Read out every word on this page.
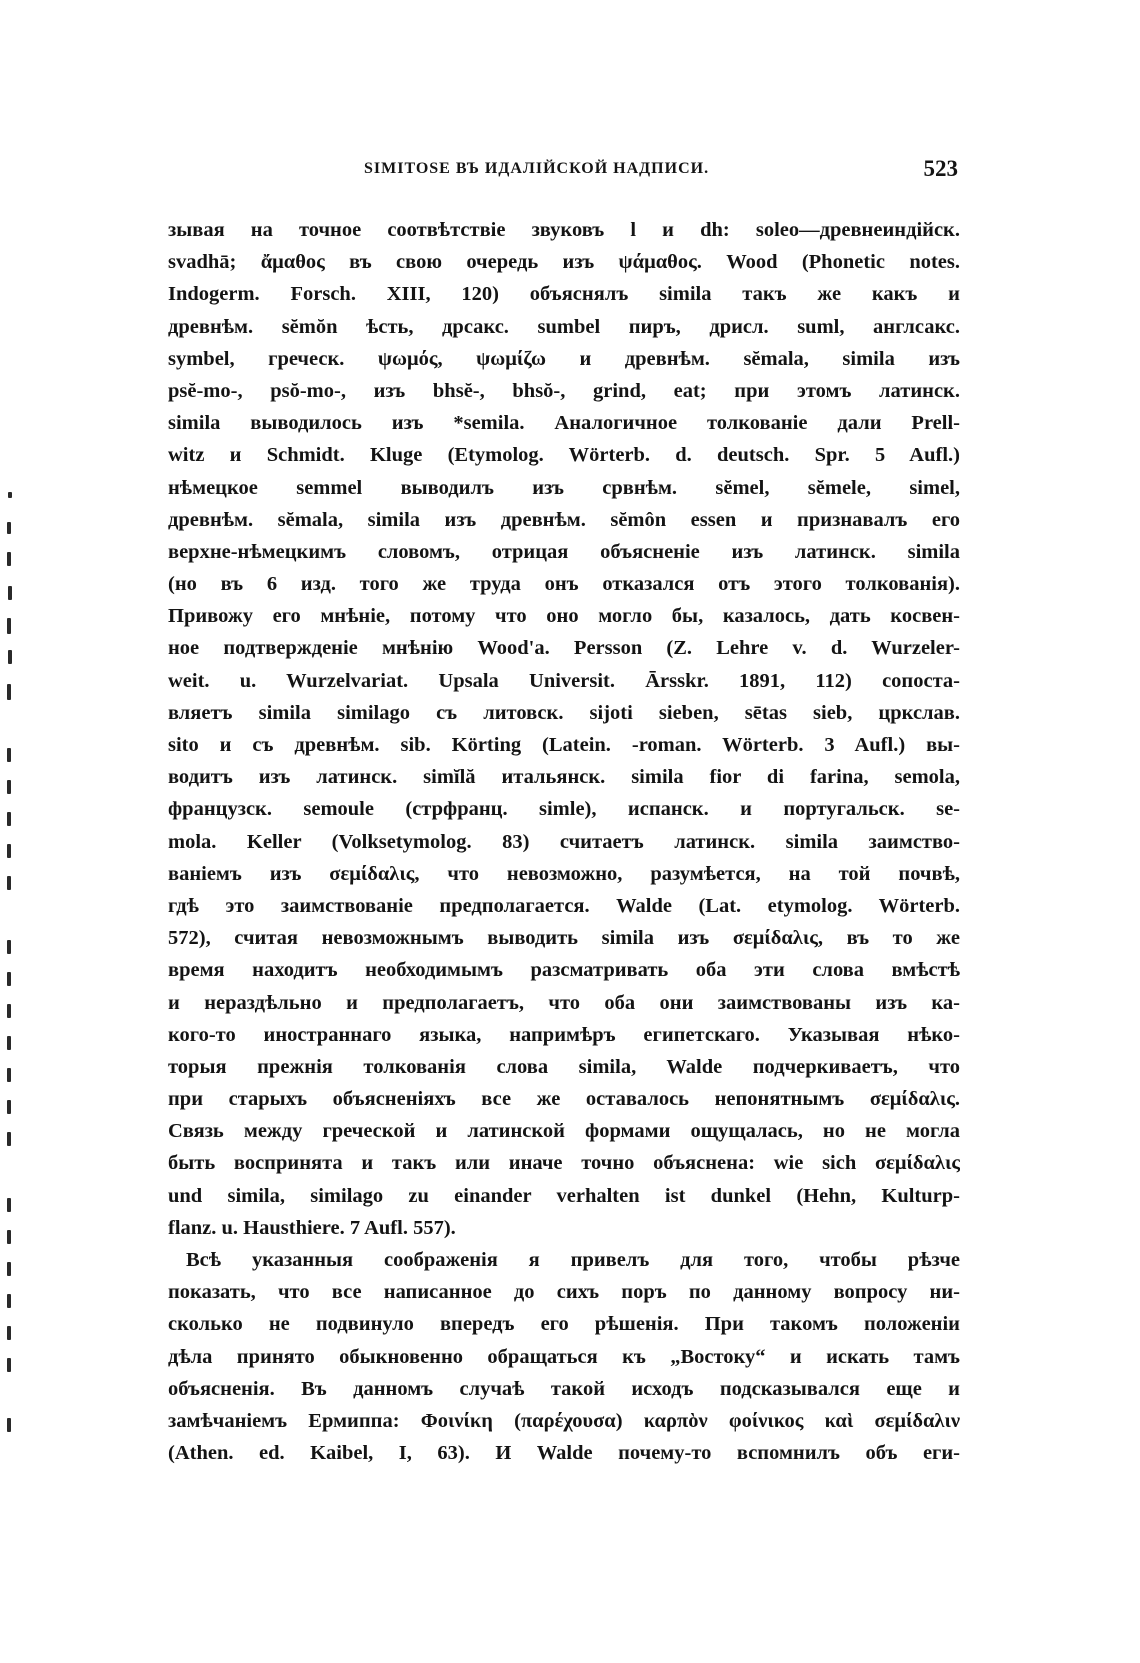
SIMITOSE ВЪ ИДАЛІЙСКОЙ НАДПИСИ.	523
зывая на точное соотвѣтствіе звуковъ l и dh: soleo—древнеиндійск.
svadhā; ἄμαθος въ свою очередь изъ ψάμαθος. Wood (Phonetic notes.
Indogerm. Forsch. XIII, 120) объяснялъ simila такъ же какъ и
древнѣм. sĕmŏn ѣсть, дрсакс. sumbel пиръ, дрисл. suml, англсакс.
symbel, греческ. ψωμός, ψωμίζω и древнѣм. sĕmala, simila изъ
psĕ-mo-, psŏ-mo-, изъ bhsĕ-, bhsŏ-, grind, eat; при этомъ латинск.
simila выводилось изъ *semila. Аналогичное толкованіе дали Prell-
witz и Schmidt. Kluge (Etymolog. Wörterb. d. deutsch. Spr. 5 Aufl.)
нѣмецкое semmel выводилъ изъ срвнѣм. sĕmel, sĕmele, simel,
древнѣм. sĕmala, similа изъ древнѣм. sĕmôn essen и признавалъ его
верхне-нѣмецкимъ словомъ, отрицая объясненіе изъ латинск. simila
(но въ 6 изд. того же труда онъ отказался отъ этого толкованія).
Привожу его мнѣніе, потому что оно могло бы, казалось, дать косвен-
ное подтвержденіе мнѣнію Wood'a. Persson (Z. Lehre v. d. Wurzeler-
weit. u. Wurzelvariat. Upsala Universit. Ārsskr. 1891, 112) сопоста-
вляетъ simila similago съ литовск. sijoti sieben, sētas sieb, цркслав.
sito и съ древнѣм. sib. Körting (Latein. -roman. Wörterb. 3 Aufl.) вы-
водитъ изъ латинск. simĭlă итальянск. simila fior di farina, semola,
французск. semoule (стрфранц. simle), испанск. и португальск. se-
mola. Keller (Volksetymolog. 83) считаетъ латинск. simila заимство-
ваніемъ изъ σεμίδαλις, что невозможно, разумѣется, на той почвѣ,
гдѣ это заимствованіе предполагается. Walde (Lat. etymolog. Wörterb.
572), считая невозможнымъ выводить simila изъ σεμίδαλις, въ то же
время находитъ необходимымъ разсматривать оба эти слова вмѣстѣ
и нераздѣльно и предполагаетъ, что оба они заимствованы изъ ка-
кого-то иностраннаго языка, напримѣръ египетскаго. Указывая нѣко-
торыя прежнія толкованія слова simila, Walde подчеркиваетъ, что
при старыхъ объясненіяхъ все же оставалось непонятнымъ σεμίδαλις.
Связь между греческой и латинской формами ощущалась, но не могла
быть воспринята и такъ или иначе точно объяснена: wie sich σεμίδαλις
und simila, similago zu einander verhalten ist dunkel (Hehn, Kulturp-
flanz. u. Hausthiere. 7 Aufl. 557).
Всѣ указанныя соображенія я привелъ для того, чтобы рѣзче
показать, что все написанное до сихъ поръ по данному вопросу ни-
сколько не подвинуло впередъ его рѣшенія. При такомъ положеніи
дѣла принято обыкновенно обращаться къ „Востоку“ и искать тамъ
объясненія. Въ данномъ случаѣ такой исходъ подсказывался еще и
замѣчаніемъ Ермиппа: Φοινίκη (παρέχουσα) καρπὸν φοίνικος καὶ σεμίδαλιν
(Athen. ed. Kaibel, I, 63). И Walde почему-то вспомнилъ объ еги-
